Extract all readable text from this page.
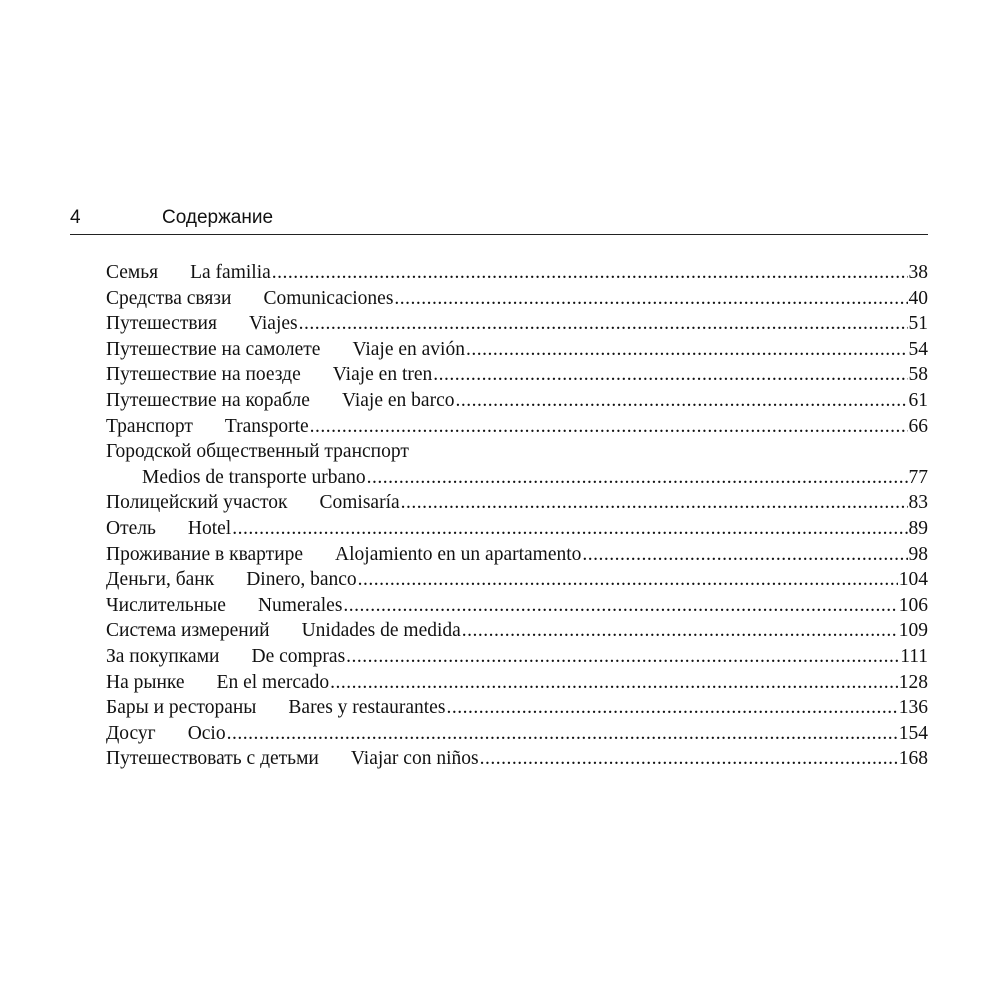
4	Содержание
Семья La familia .....	38
Средства связи Comunicaciones .....	40
Путешествия Viajes .....	51
Путешествие на самолете Viaje en avión .....	54
Путешествие на поезде Viaje en tren .....	58
Путешествие на корабле Viaje en barco .....	61
Транспорт Transporte .....	66
Городской общественный транспорт
Medios de transporte urbano .....	77
Полицейский участок Comisaría .....	83
Отель Hotel .....	89
Проживание в квартире Alojamiento en un apartamento .....	98
Деньги, банк Dinero, banco .....	104
Числительные Numerales .....	106
Система измерений Unidades de medida .....	109
За покупками De compras .....	111
На рынке En el mercado .....	128
Бары и рестораны Bares y restaurantes .....	136
Досуг Ocio .....	154
Путешествовать с детьми Viajar con niños .....	168
